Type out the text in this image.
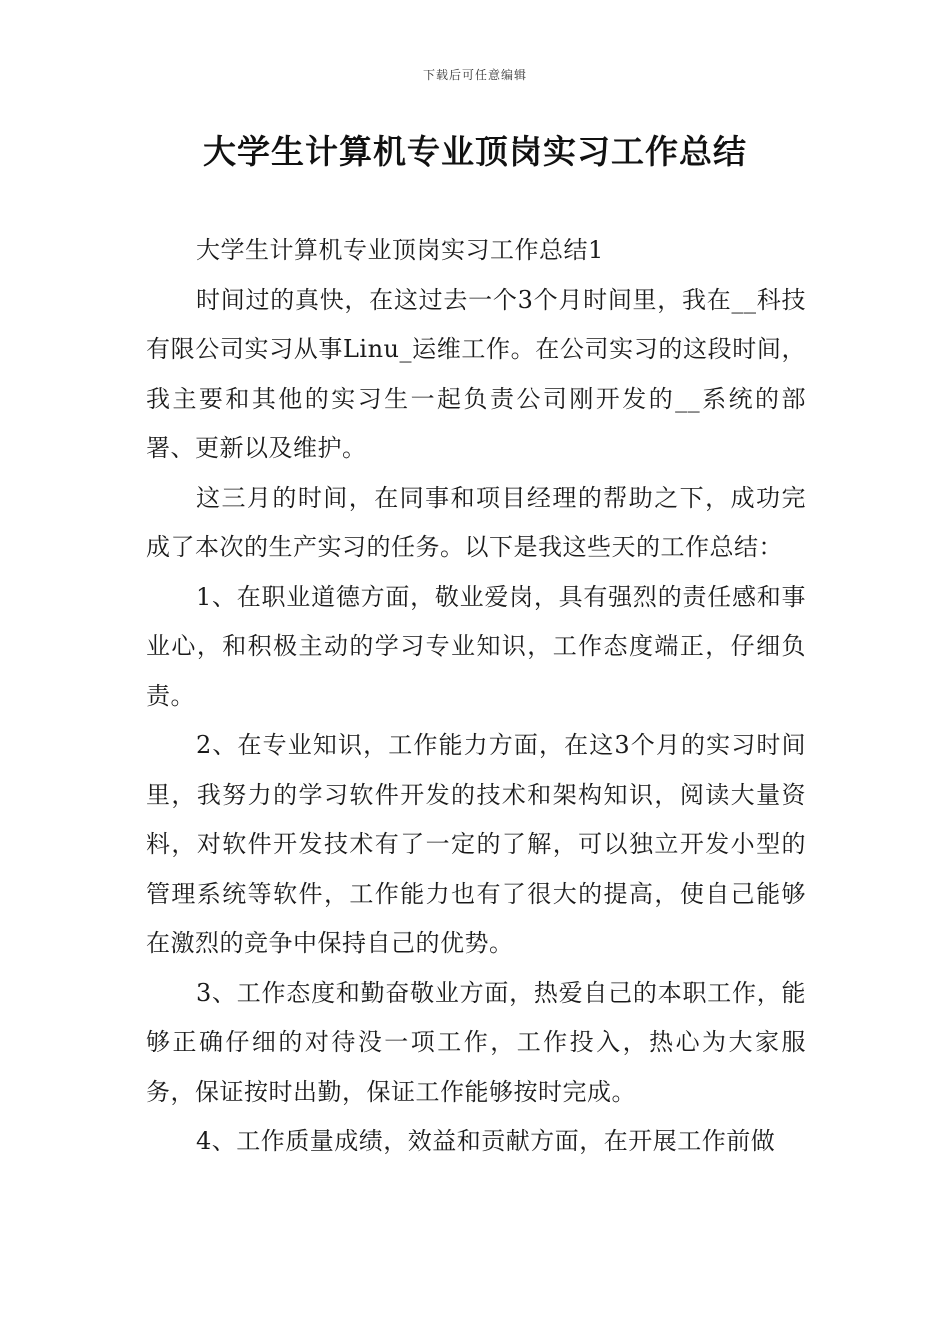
下载后可任意编辑
大学生计算机专业顶岗实习工作总结

大学生计算机专业顶岗实习工作总结1

时间过的真快，在这过去一个3个月时间里，我在__科技有限公司实习从事Linu_运维工作。在公司实习的这段时间，我主要和其他的实习生一起负责公司刚开发的__系统的部署、更新以及维护。

这三月的时间，在同事和项目经理的帮助之下，成功完成了本次的生产实习的任务。以下是我这些天的工作总结：

1、在职业道德方面，敬业爱岗，具有强烈的责任感和事业心，和积极主动的学习专业知识，工作态度端正，仔细负责。

2、在专业知识，工作能力方面，在这3个月的实习时间里，我努力的学习软件开发的技术和架构知识，阅读大量资料，对软件开发技术有了一定的了解，可以独立开发小型的管理系统等软件，工作能力也有了很大的提高，使自己能够在激烈的竞争中保持自己的优势。

3、工作态度和勤奋敬业方面，热爱自己的本职工作，能够正确仔细的对待没一项工作，工作投入，热心为大家服务，保证按时出勤，保证工作能够按时完成。

4、工作质量成绩，效益和贡献方面，在开展工作前做
